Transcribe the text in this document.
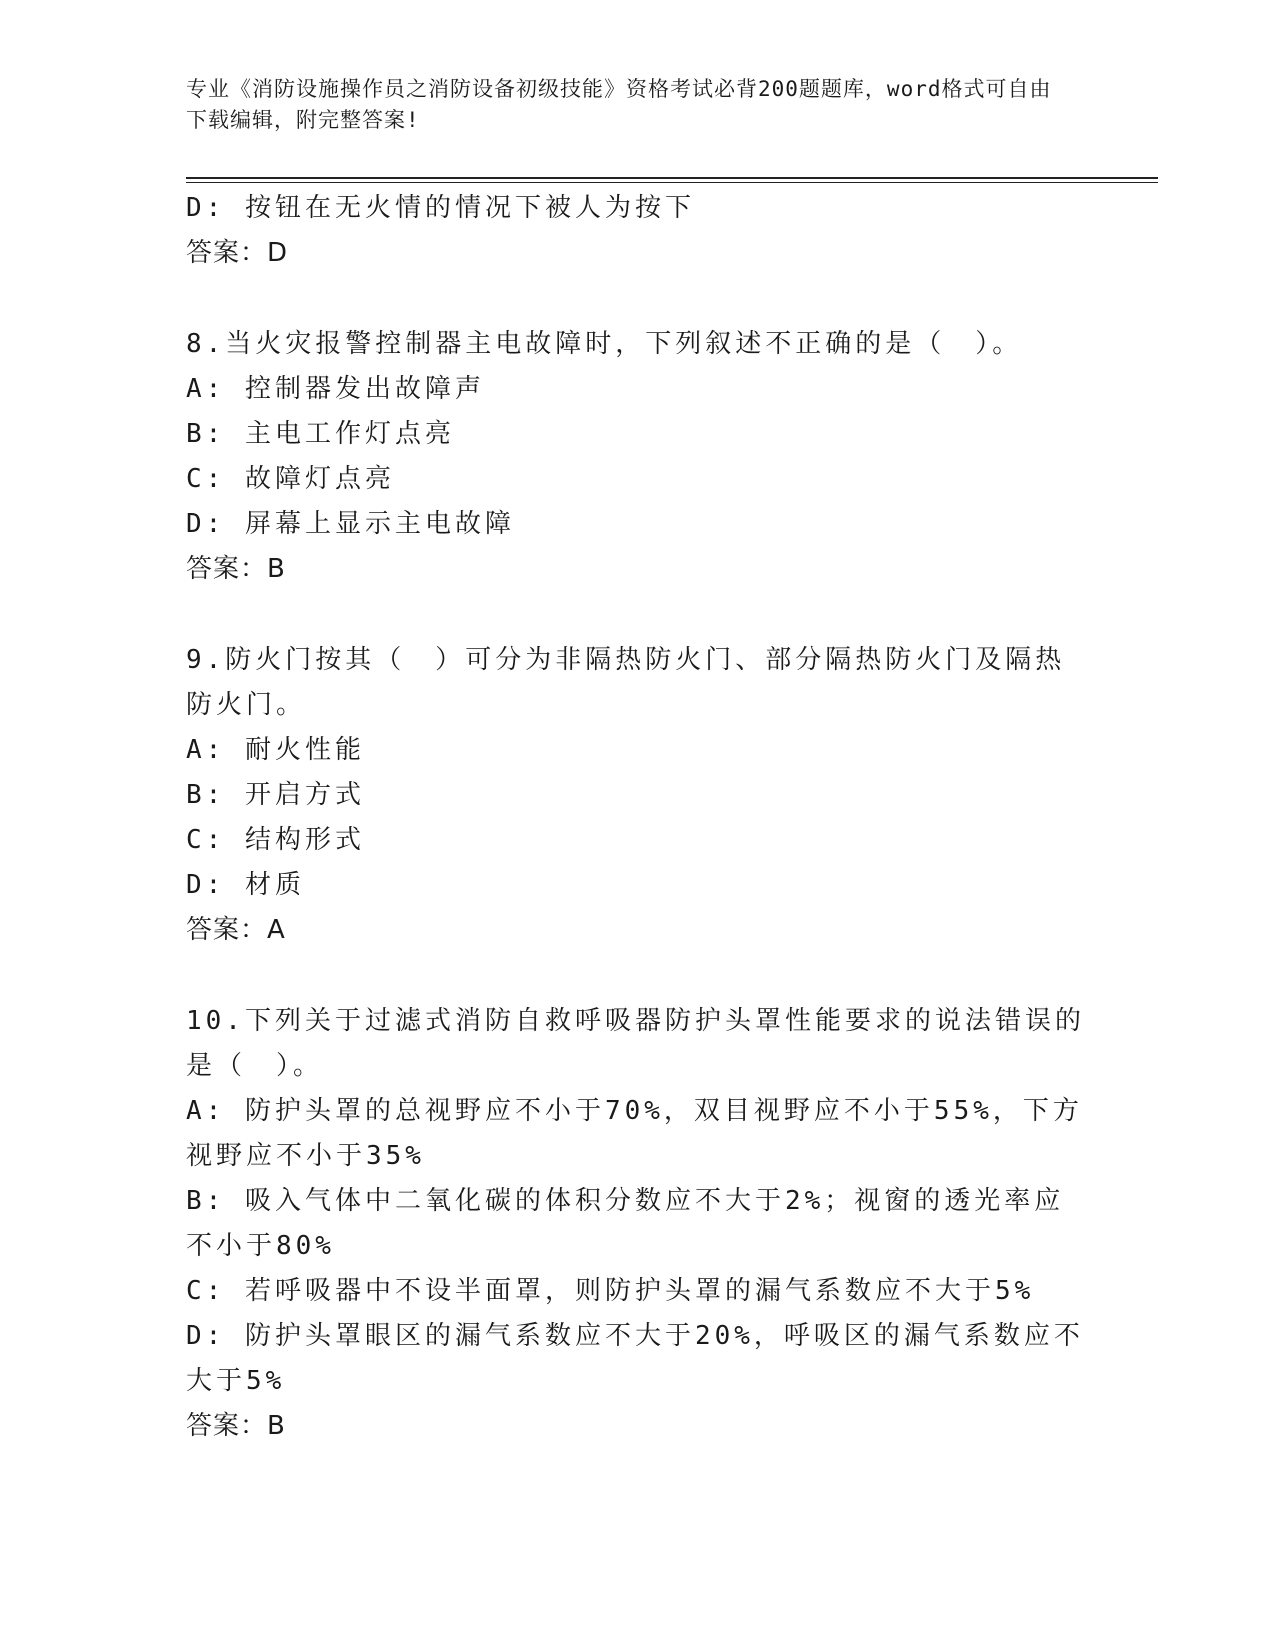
专业《消防设施操作员之消防设备初级技能》资格考试必背200题题库，word格式可自由下载编辑，附完整答案!

D: 按钮在无火情的情况下被人为按下

答案：D

8.当火灾报警控制器主电故障时，下列叙述不正确的是（　）。

A: 控制器发出故障声

B: 主电工作灯点亮

C: 故障灯点亮

D: 屏幕上显示主电故障

答案：B

9.防火门按其（　）可分为非隔热防火门、部分隔热防火门及隔热防火门。

A: 耐火性能

B: 开启方式

C: 结构形式

D: 材质

答案：A

10.下列关于过滤式消防自救呼吸器防护头罩性能要求的说法错误的是（　）。

A: 防护头罩的总视野应不小于70%，双目视野应不小于55%，下方视野应不小于35%

B: 吸入气体中二氧化碳的体积分数应不大于2%；视窗的透光率应不小于80%

C: 若呼吸器中不设半面罩，则防护头罩的漏气系数应不大于5%

D: 防护头罩眼区的漏气系数应不大于20%，呼吸区的漏气系数应不大于5%

答案：B
